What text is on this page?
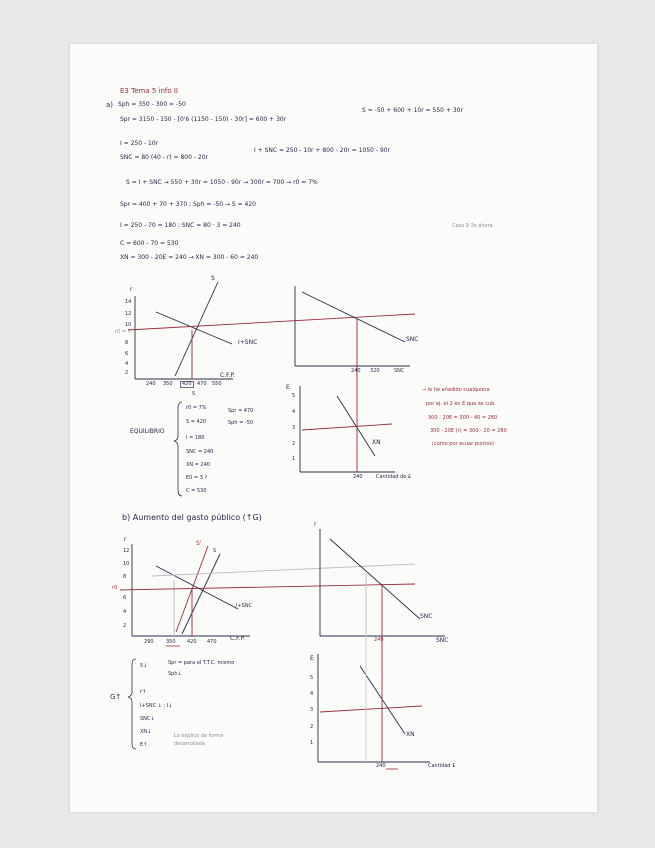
E3 Tema 5 info II
a) Sph = 350 - 300 = -50
Spr = 3150 - 150 - [0'6 (1150 - 150) - 30r] = 600 + 30r
S = -50 + 600 + 10r = 550 + 30r
I = 250 - 10r
SNC = 80 (40 - r) = 800 - 20r
I + SNC = 250 - 10r + 800 - 20r = 1050 - 90r
S = I + SNC → 550 + 30r = 1050 - 90r → 300r = 700 → r0 = 7%
Spr = 400 + 70 + 370 ; Sph = -50 → S = 420
I = 250 - 70 = 180 ; SNC = 80 · 3 = 240
C = 600 - 70 = 530
XN = 300 - 20E = 240 → XN = 300 - 60 = 240
Caso 9 3x ahora
r
S
I+SNC
r0 = 7
C.F.P.
240 350	420	470 550
S
14
12
10
8
6
4
2
SNC
240 320	SNC
E
XN
240	Cantidad de £
5
4
3
2
1
EQUILIBRIO
r0 = 7%
S = 420
I = 180
SNC = 240
XN = 240
E0 = 3 ?
C = 530
Spr = 470
Sph = -50
→ le he añadido cualquiera
por ej. el 2 en E que se cub.
300 - 20E = 300 - 40 = 260
300 - 20E (r) = 300 - 20 = 280
(como por ecuar puntos)
b) Aumento del gasto público (↑G)
r
S'
S
I+SNC
r0
C.F.P.
290 350 420 470
12
10
8
6
4
2
r
SNC
SNC
240
E
XN
240	Cantidad £
5
4
3
2
1
G↑
S↓
r↑
I+SNC ↓ ; I↓
SNC↓
XN↓
E↑
Spr = para el T.T.C. mismo
Sph↓
Lo explico de forma desarrollada
